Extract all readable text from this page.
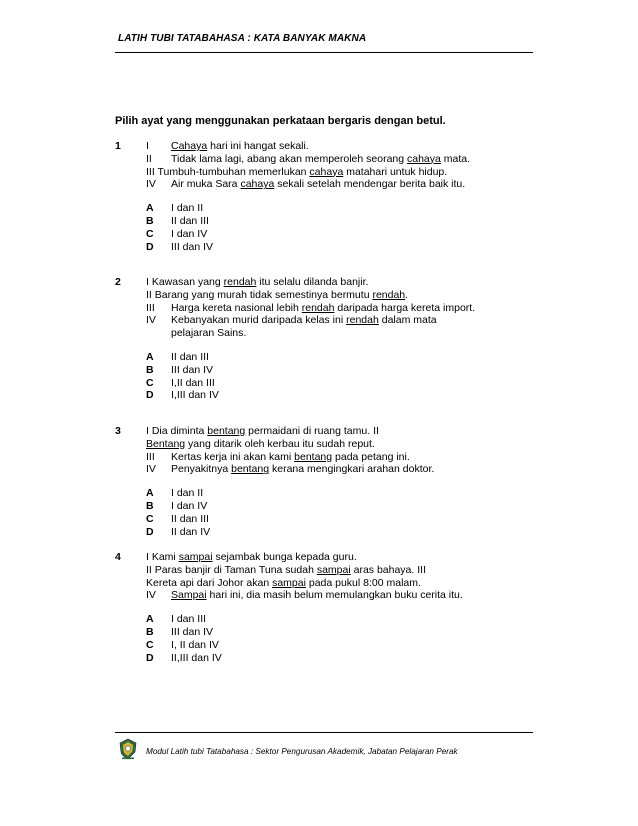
LATIH TUBI TATABAHASA : KATA BANYAK MAKNA
Pilih ayat yang menggunakan perkataan bergaris dengan betul.
1 I Cahaya hari ini hangat sekali.
II Tidak lama lagi, abang akan memperoleh seorang cahaya mata.
III Tumbuh-tumbuhan memerlukan cahaya matahari untuk hidup.
IV Air muka Sara cahaya sekali setelah mendengar berita baik itu.
A I dan II
B II dan III
C I dan IV
D III dan IV
2 I Kawasan yang rendah itu selalu dilanda banjir.
II Barang yang murah tidak semestinya bermutu rendah.
III Harga kereta nasional lebih rendah daripada harga kereta import.
IV Kebanyakan murid daripada kelas ini rendah dalam mata
pelajaran Sains.
A II dan III
B III dan IV
C I,II dan III
D I,III dan IV
3 I Dia diminta bentang permaidani di ruang tamu. II
Bentang yang ditarik oleh kerbau itu sudah reput.
III Kertas kerja ini akan kami bentang pada petang ini.
IV Penyakitnya bentang kerana mengingkari arahan doktor.
A I dan II
B I dan IV
C II dan III
D II dan IV
4 I Kami sampai sejambak bunga kepada guru.
II Paras banjir di Taman Tuna sudah sampai aras bahaya. III
Kereta api dari Johor akan sampai pada pukul 8:00 malam.
IV Sampai hari ini, dia masih belum memulangkan buku cerita itu.
A I dan III
B III dan IV
C I, II dan IV
D II,III dan IV
Modul Latih tubi Tatabahasa : Sektor Pengurusan Akademik, Jabatan Pelajaran Perak
